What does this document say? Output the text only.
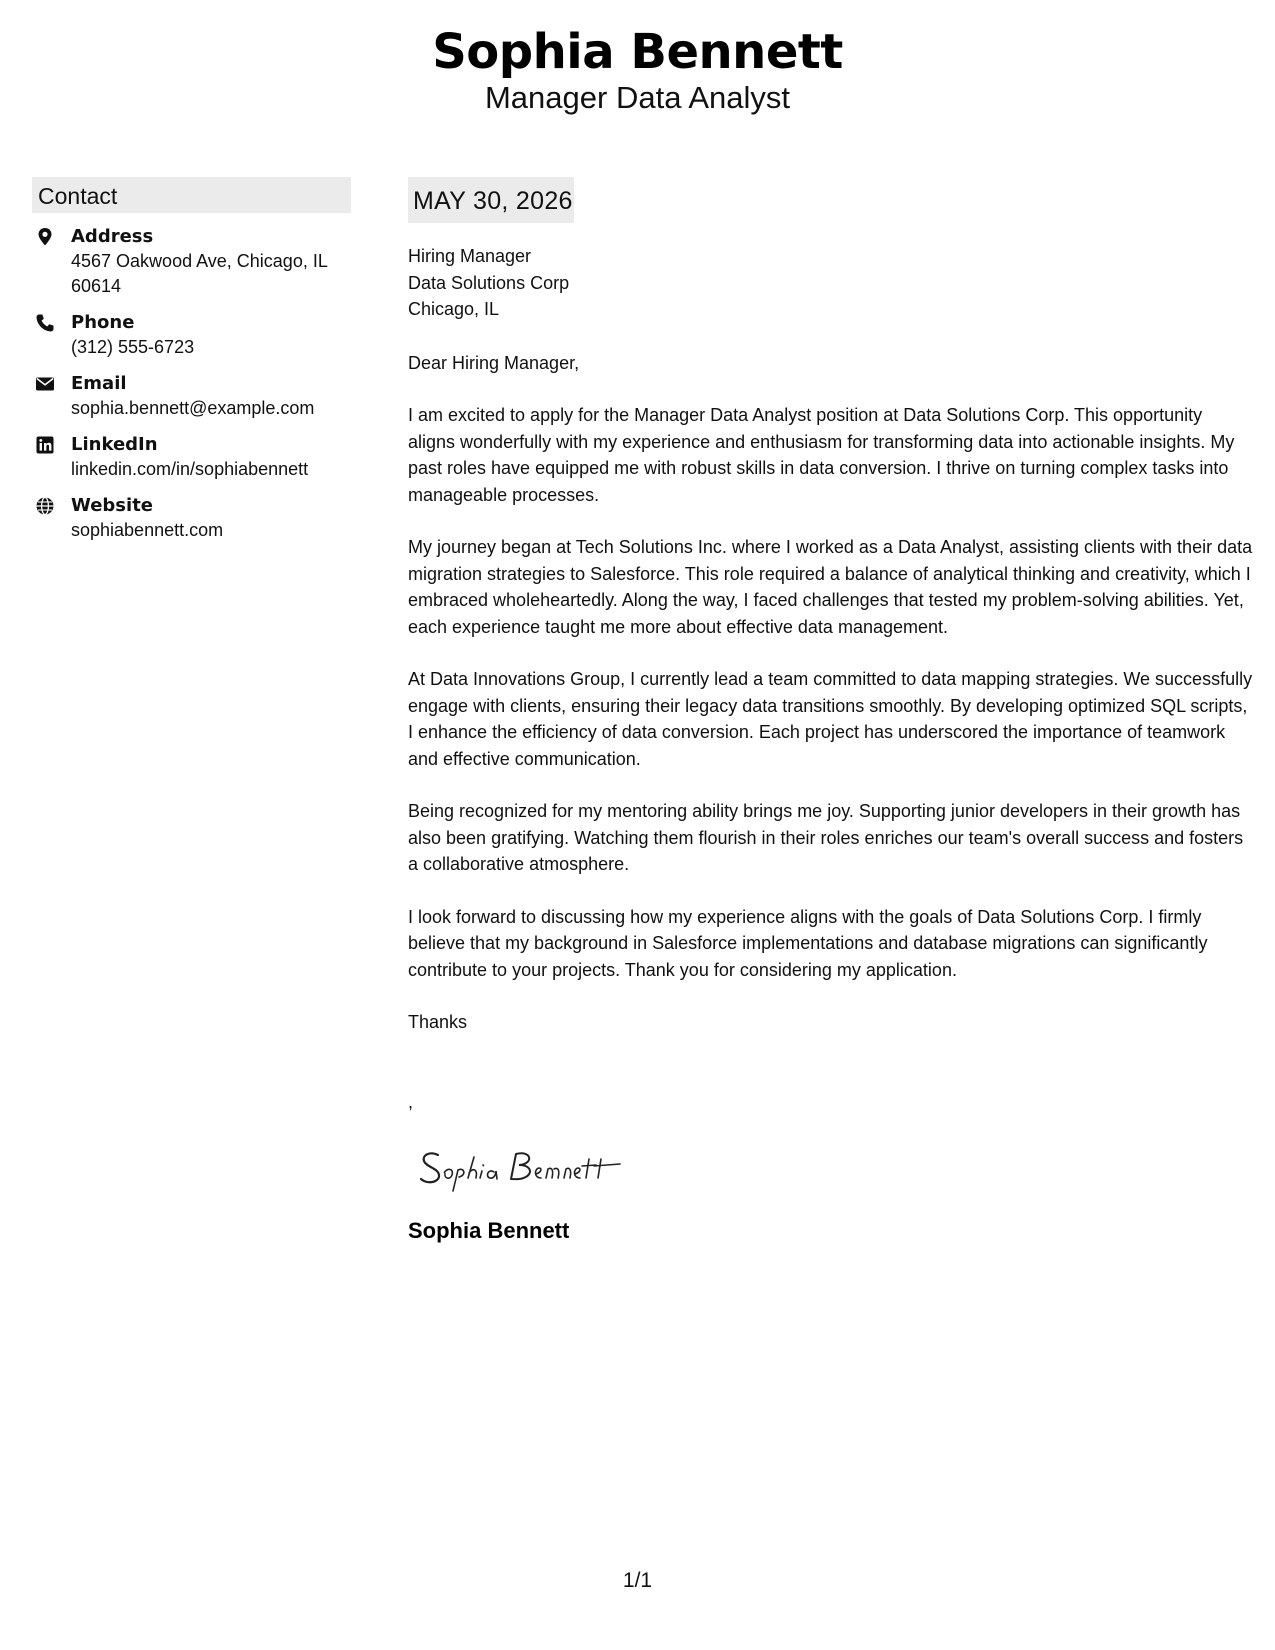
Sophia Bennett
Manager Data Analyst
Contact
Address
4567 Oakwood Ave, Chicago, IL
60614
Phone
(312) 555-6723
Email
sophia.bennett@example.com
LinkedIn
linkedin.com/in/sophiabennett
Website
sophiabennett.com
MAY 30, 2026
Hiring Manager
Data Solutions Corp
Chicago, IL
Dear Hiring Manager,
I am excited to apply for the Manager Data Analyst position at Data Solutions Corp. This opportunity aligns wonderfully with my experience and enthusiasm for transforming data into actionable insights. My past roles have equipped me with robust skills in data conversion. I thrive on turning complex tasks into manageable processes.
My journey began at Tech Solutions Inc. where I worked as a Data Analyst, assisting clients with their data migration strategies to Salesforce. This role required a balance of analytical thinking and creativity, which I embraced wholeheartedly. Along the way, I faced challenges that tested my problem-solving abilities. Yet, each experience taught me more about effective data management.
At Data Innovations Group, I currently lead a team committed to data mapping strategies. We successfully engage with clients, ensuring their legacy data transitions smoothly. By developing optimized SQL scripts, I enhance the efficiency of data conversion. Each project has underscored the importance of teamwork and effective communication.
Being recognized for my mentoring ability brings me joy. Supporting junior developers in their growth has also been gratifying. Watching them flourish in their roles enriches our team's overall success and fosters a collaborative atmosphere.
I look forward to discussing how my experience aligns with the goals of Data Solutions Corp. I firmly believe that my background in Salesforce implementations and database migrations can significantly contribute to your projects. Thank you for considering my application.
Thanks
,
Sophia Bennett
1/1
